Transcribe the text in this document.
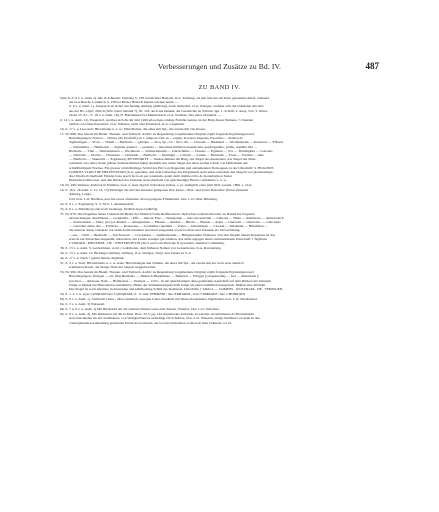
Verbesserungen und Zusätze zu Bd. IV.	487
ZU BAND IV.
Seite 9, Z. 6 v. u. Anm. 2). Die O.A.Beschr. Tettnang S. 238 verzeichnet Haslach, O.A. Tettnang, als den Sitz des im Texte genannten Adels, während
die O.A.Beschr. Leutkirch S. 138 bei Besser Haslach keinen solchen nennt. —
Z. 9 v. u. Anm. 1). Arnsperch ist sicher das heutige Amberg (Amburg), Gem. Reiterhof, O.A. Wangen, worüber sich die Urkunden des Orts
aus der Hs. Ldgrf. Zürich (Stift. Liber Sebaldi 7), Nr. 118, auch aus Denkm. der Geschichte zu Schönb. Jgn. 1. Schrift, 2. Ausg. Tob. 3. Obers-
chaba 25. 8.1.; Z. 18 v. u. Anm. 18), N. Baltshausen bei Meinersbach, O.A. Waldsee, Sitz eines Ortsadels. —
Z. 14 v. u. Anm. 12). Essendorf, welches sich die im Jahr 1269 erloschene adelige Familie nannte, ist der Burg dieses Namens, ½ Stunden
östlich von Unter-Essendorf, O.A. Waldsee, nicht aber Essendorf, O.A. Laupheim.
16, Z. 17 v. u. Lies statt: Hirschlatter u. a. w.: Hirschlatten, die eines mit Spf., die zweite mit vier Rosen.
17, Nr. 996. Das bereits im Breuil. Thesaur- und Taxbuch- Archiv zu Regensburg vorgefundene Original ergibt folgende Ergänzungen und
Berichtigungen: Nuncia ... Virtues (als Urschrift): in J. tempore: fats, in ... regnis; in tenore Orgenas, Exercitus ... Osttirol de
Sigmaringen — Vivat — Titium — Berthollo — galeque — Zrsq. Sp., CC., XLI., Pn. — Chuonis — Burkhard — Wechinsheim — Kesselow — Effrarts
— Rabentilles — Hetthernis — trigintar quatuor — perantia — innormati milleben desenticatus quadragesimo; primo, septima ibis —
Berthollo — Vilat — Wielandriesen — Wechnrein — Schmeckstetten — Durrschmitz — Churste — Egmann — Vra — Thaddigkita — Gotronis
— Ostterlin — Uleche — Chunrado — Chunradi — Berthollo — Dattingin — Cilvehr — scutius — Buttindis — Freie — Vrwitha — Alle
— Berthollo — Sinnreich — Ergänzung: BVSSENRITE — Ileniee-dimnea die Burg, das Siegel des Ausstellers, das Siegel des dritte
somnanti. An rother, heute gelben Seidenschnüren hängt ebenfalls das runde Siegel des alten Grafen Ulrich von Helfenstein aus
schildförmigem Wachse. Ein grosser schildförmiger Schild des Hof von Doppelten und aufstehenden Tierkoppen, in der Umschrift: S. HUGONIS
COMITIS VLRICI DE HELFENSTAIN (h. Ir. genannt). Auf dem Ueberlage des Pergaments steht unten zwischen den Siegeln von gleichzeitiger,
aber flinchoch hierhand: Emptie bona praeli facta est per parentum, quam dedit domino Otto de Koteningin et Steier
Heinrichen filius eius. Auf den Rücken der Urkunde steht ebenfalls von gleichzeitiger Hand: confirmatio a. u. w.
18, Nr. 298. Weiterer Abdruck in Wunibur, Gen. d. neue Jagd in Schwaben, Insbes. a. pl. bezüglich einer (mit XIII. Geseln. 1806. a. 214).
19, Z. 16 u. 28 Anm. 2, 12, 14, 15) Rücktiger die drei hei einander gelegenen Orte Unter-, Ober- und Unter-Ensweiler (Unter-Zinnerm
Amberg. Lange-
fold, bzw. L.O. Buchlen, und das etwas oftleender davon gelegene Frimmental, bzw. L.O. Ober-Dürnberg.
22, Z. 9 v. o. Ergänzung. S. V. M.S. 1. Ahnbenerdorf.
35, Z. 6 v. u. Mistalberg statt hoch beantragt, fördlich etwas bedürftig.
37, Nr. 976. Die Doppliste dieser Urkunde im Besitz der fürstlich Salm-Reifferscheid- Dyk'schen Grafschaftsarchiv zu Baindt hat folgende
Abweichungen: stunttimaus — reciplemti — Effs — mercer-Free — Wassgarten — tule successivum — Chuonis — Hiein — Rahberare — Amtelcetech
— Seltwerkerle — Herz, (sec) et Ahnhof — omnigeniusn — Hirstin — Ahnhof — Hiroln — Hennis — Argla — Chnracht — Chunrado — collecrapis
— Gertriner anfan den — Friderics — Roussanes — Cromeline capellani — Vrstel — Giluabingen — Cirosde — Smakenkr — Hinnhfeck ...
die unterste dieser Urkunde war beim Archivbeamten notorisch ausgestellt sowie ist diese und Urkunde als Verwechslung.
... aus — fehlt — Berthollo — Vorchovewn — Livopalduc — Albmacharum — Hillgenreuther Zbuteren. Von den Siegeln diesen Doppelate ist das
erste in ein Stückchen eingenäht, unbrechen, das zweite weniger gut erhalten, das dritte dagegen lauter, nebenstehende Umschrift: † Sigillum
CVNRADI . PINCERNE . DE . WINTERSTETIN (die S und vom Theil die N gewendet, ziemlich vollständig.
38, Z. 13 v. u. Anm. S. Gerbrickhen, wohl = Gaiblhofen, dem früheren Namen von Gernerhofen, O.A. Ravensburg.
43, Z. 13 v. u. Anm. 10. Bichinger Amberg. Amberg, O.A. Wangen. Vergl. den Zusatz zu S. 9.
44, Z. 17 v. u. Nach † gabbit hinein: Sigillum.
51, Z. 4 v. u. Statt: Hirschblutter u. s. w. setze: Hirschbungen nah Saftelin, die eines mit Spf., die zweite mit zur noch zwei deutlich
erhaltenen Rosen, der übrige Theil des Siegels weggebrochen.
55, Nr. 996. Das bereits im Breuil. Thesaur- und Taxbuch- Archiv zu Regensburg vorgefundene Original ergibt folgende Ergänzungen und
Berichtigungen: Vertigen — alt; fitus Berthollo — Heinrich Hindelmuot — Heinrich — Eringen (|| ungunerum) — fuci — misterialis (|
servictos — debersus. Nam — Heilbronns — Vertigen — 1225... In der gleichzeitigen ohne gebundene Aufschrift auf dem Rücken der Urkunde
bringt er Dinkel bei Hettenhofen ausnahmsw. Hinzu der Vermerkstempelschrift bringt bis einen ausfüllich beanspruch. Mahnn eine Wachsm
Das Siegel ist noch erhalten; in dreieckige und halbfleckige Schild des Rohrbeck, Umschrift: † SIGILL — COMITIS . WOLVRADI . DE . VERINGEN.
59, Z. 1. 2. v. u. statt: CONRADI fies: C(ON)RADI; Z. 11 statt: EHEREBI : lies: ERHARDI ; statt: COMRADI : lies: CHONRADI
60, Z. 8 v. u. Anm. 1). Vielleicht Unter-, Ober-Sendlach, bezogen Unter-Sundlach mit Oberschwandeiner Jägerhölzer, bzw. L.O. Wiedenstrel.
64, Z. 3 v. u. Anm. 3) Weissend.
66, Z. 7 u. 8 v. u. Anm. 1) Mit Rücksicht auf die anderen Namen weist eher Zluster, Wuettes, bzw. L.O. Vellacker.
94, Z. 8 v. u. Anm. 4). Mit Rückstant auf die in Mon. Boic. 33 S. pg. 144 abgedruckte Urkunde, in welcher ein Wernherus de Blochenstein
sich entschieden als des Sollshauses, von Weingartbauern, unbedingt ein Schönloz, bzw. L.O. Wissentt, einige Stelldien von denn in den
vorhergehenden Anmerkung genannten Entwickl, bewiesen, der bei das Ortsnamen wohl noch über Urkunde vor 21.
